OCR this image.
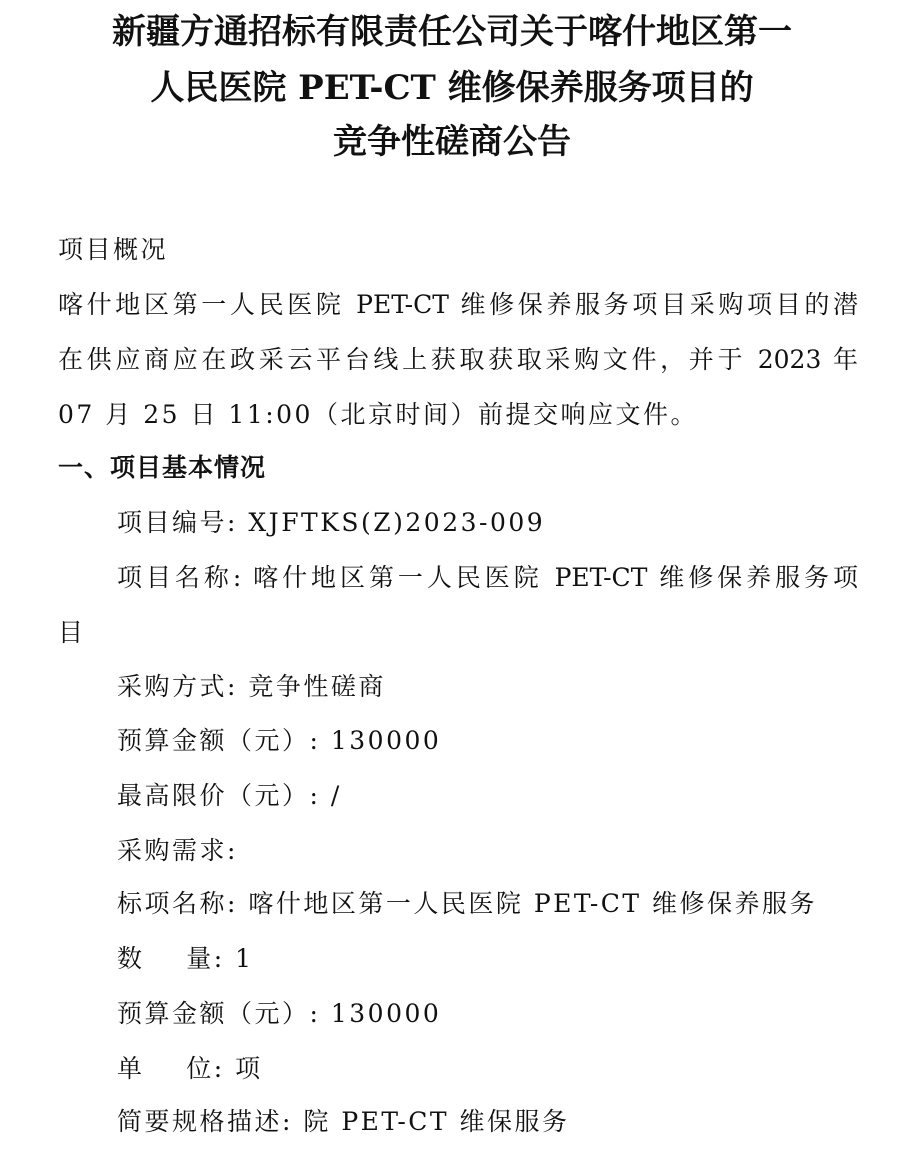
新疆方通招标有限责任公司关于喀什地区第一
人民医院 PET-CT 维修保养服务项目的
竞争性磋商公告
项目概况
喀什地区第一人民医院 PET-CT 维修保养服务项目采购项目的潜
在供应商应在政采云平台线上获取获取采购文件，并于 2023 年
07 月 25 日 11:00（北京时间）前提交响应文件。
一、项目基本情况
项目编号: XJFTKS(Z)2023-009
项目名称: 喀什地区第一人民医院 PET-CT 维修保养服务项
目
采购方式: 竞争性磋商
预算金额（元）: 130000
最高限价（元）: /
采购需求:
标项名称: 喀什地区第一人民医院 PET-CT 维修保养服务
数    量: 1
预算金额（元）: 130000
单    位: 项
简要规格描述: 院 PET-CT 维保服务
